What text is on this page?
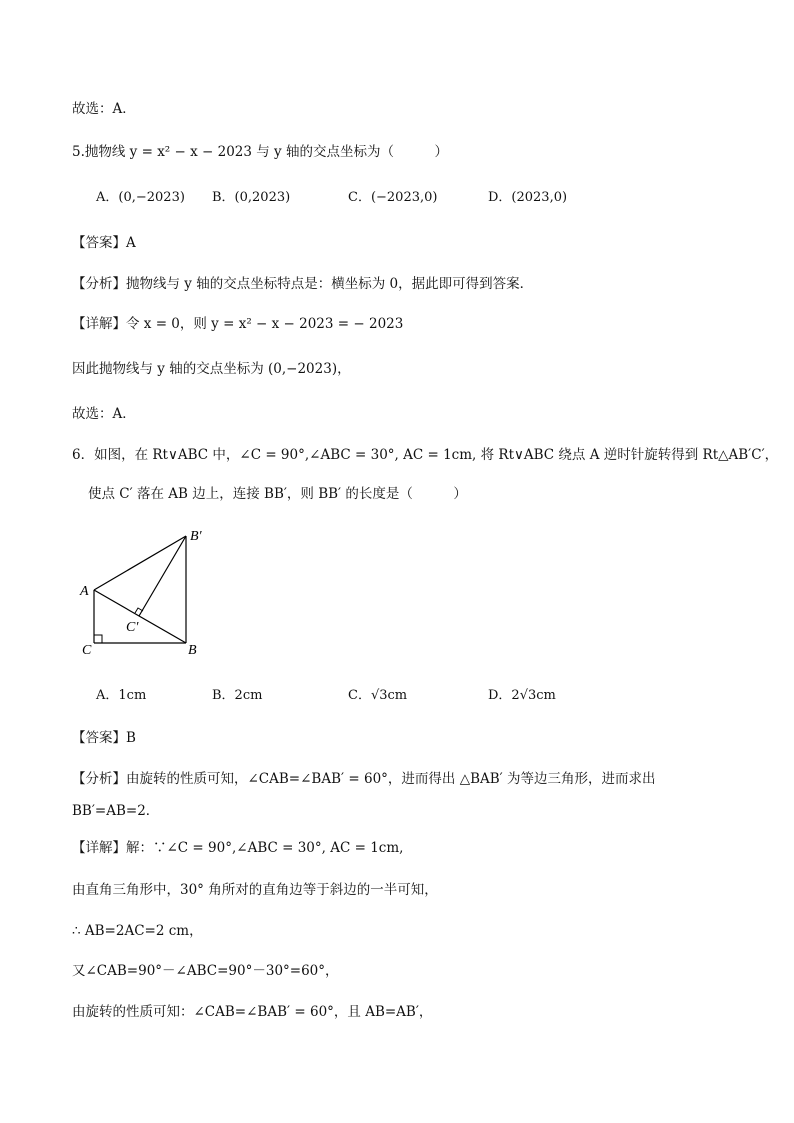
故选：A．
5.抛物线 y = x² − x − 2023 与 y 轴的交点坐标为（　　　）
A．(0,−2023) B．(0,2023)	C．(−2023,0)	D．(2023,0)
【答案】A
【分析】抛物线与 y 轴的交点坐标特点是：横坐标为 0，据此即可得到答案．
【详解】令 x = 0，则 y = x² − x − 2023 = − 2023
因此抛物线与 y 轴的交点坐标为 (0,−2023)，
故选：A．
6．如图，在 Rt∨ABC 中，∠C = 90°,∠ABC = 30°, AC = 1cm, 将 Rt∨ABC 绕点 A 逆时针旋转得到 Rt△AB′C′，
使点 C′ 落在 AB 边上，连接 BB′，则 BB′ 的长度是（　　　）
A
C	B
B′
C′
A．1cm	B．2cm	C．√3cm	D．2√3cm
【答案】B
【分析】由旋转的性质可知，∠CAB=∠BAB′ = 60°，进而得出 △BAB′ 为等边三角形，进而求出
BB′=AB=2．
【详解】解：∵∠C = 90°,∠ABC = 30°, AC = 1cm,
由直角三角形中，30° 角所对的直角边等于斜边的一半可知，
∴ AB=2AC=2 cm，
又∠CAB=90°－∠ABC=90°－30°=60°，
由旋转的性质可知：∠CAB=∠BAB′ = 60°，且 AB=AB′，
